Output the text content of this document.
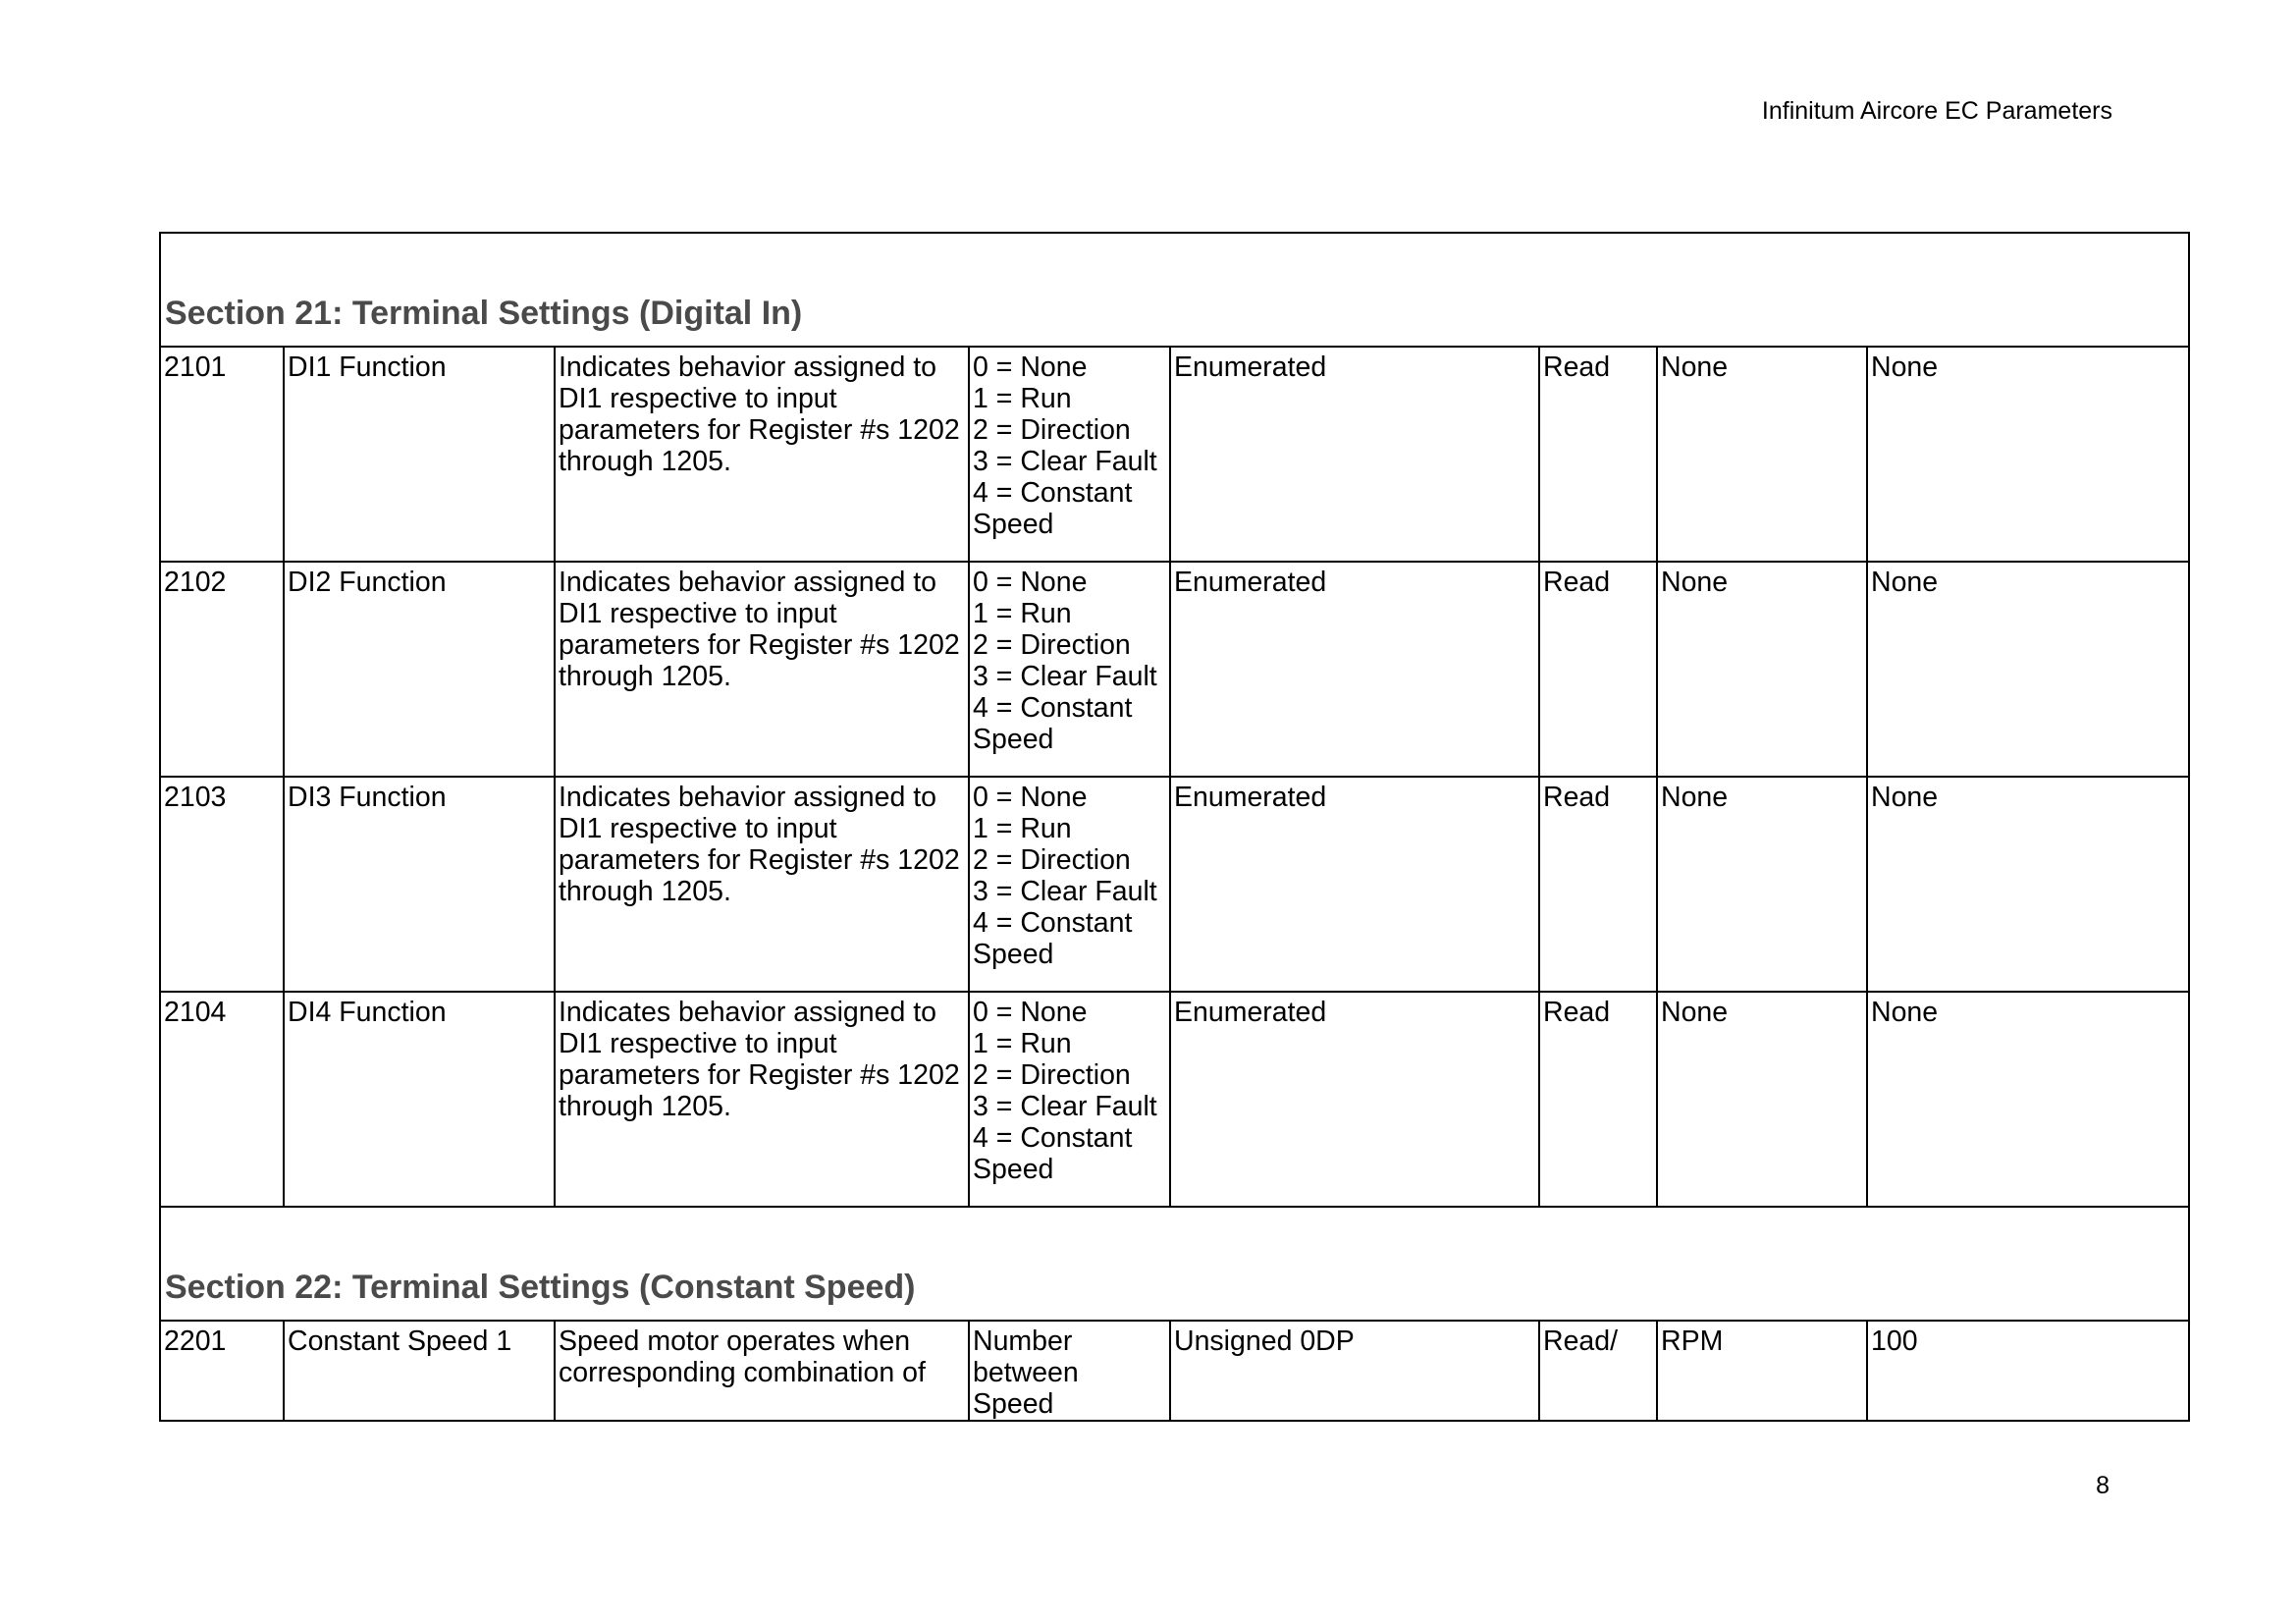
Infinitum Aircore EC Parameters
Section 21: Terminal Settings (Digital In)							
2101	DI1 Function	Indicates behavior assigned to DI1 respective to input parameters for Register #s 1202 through 1205.	0 = None
1 = Run
2 = Direction
3 = Clear Fault
4 = Constant Speed	Enumerated	Read	None	None
2102	DI2 Function	Indicates behavior assigned to DI1 respective to input parameters for Register #s 1202 through 1205.	0 = None
1 = Run
2 = Direction
3 = Clear Fault
4 = Constant Speed	Enumerated	Read	None	None
2103	DI3 Function	Indicates behavior assigned to DI1 respective to input parameters for Register #s 1202 through 1205.	0 = None
1 = Run
2 = Direction
3 = Clear Fault
4 = Constant Speed	Enumerated	Read	None	None
2104	DI4 Function	Indicates behavior assigned to DI1 respective to input parameters for Register #s 1202 through 1205.	0 = None
1 = Run
2 = Direction
3 = Clear Fault
4 = Constant Speed	Enumerated	Read	None	None
Section 22: Terminal Settings (Constant Speed)							
2201	Constant Speed 1	Speed motor operates when corresponding combination of	Number between Speed	Unsigned 0DP	Read/	RPM	100
8
